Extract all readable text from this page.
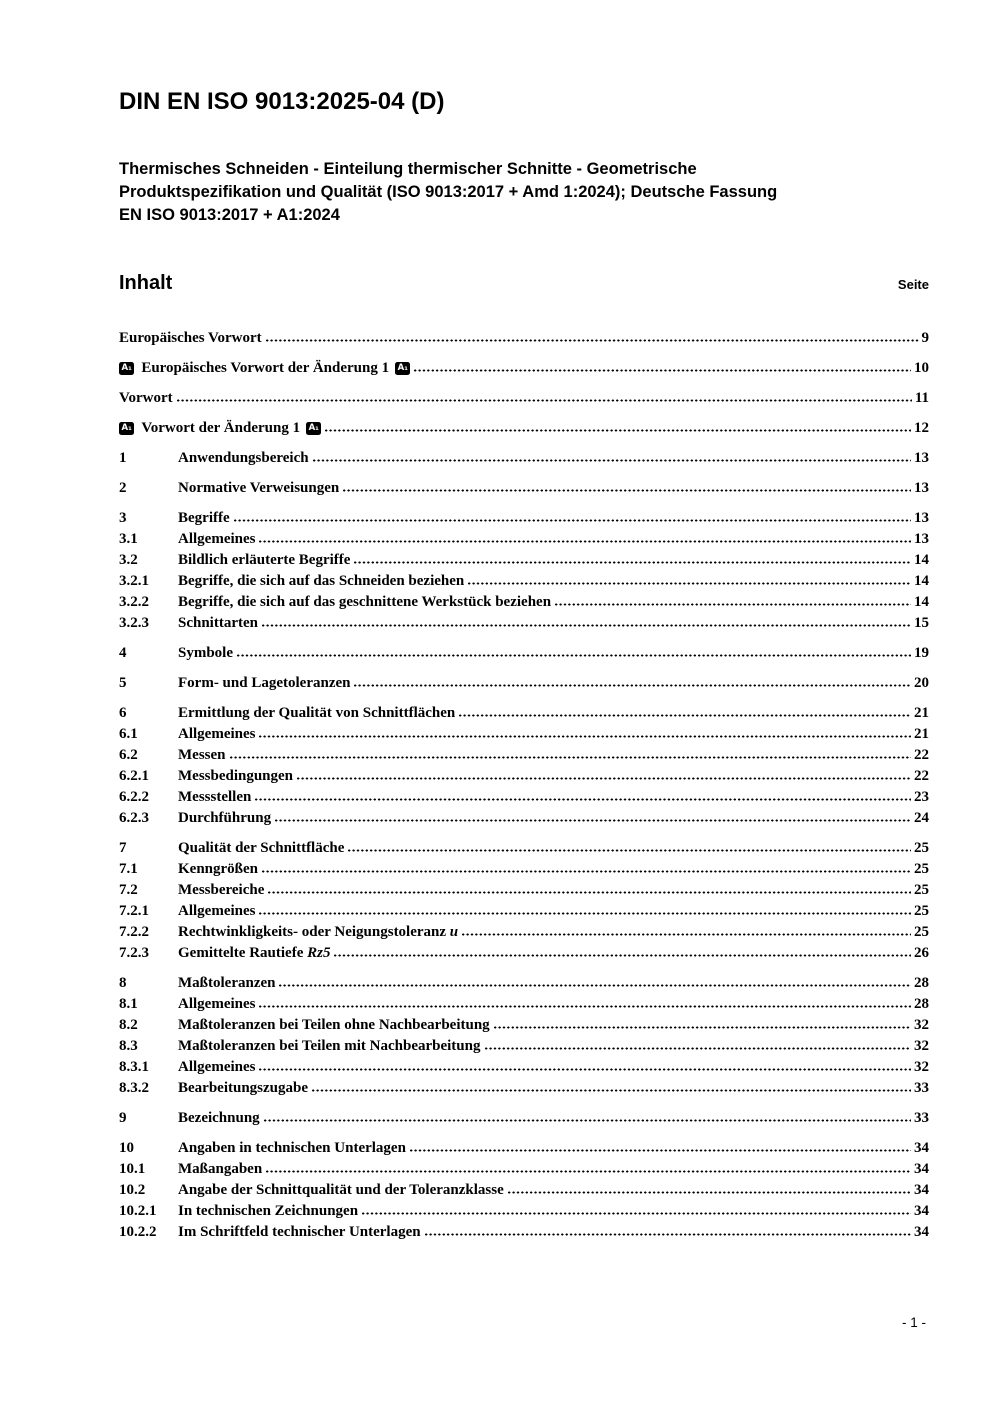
DIN EN ISO 9013:2025-04 (D)
Thermisches Schneiden - Einteilung thermischer Schnitte - Geometrische
Produktspezifikation und Qualität (ISO 9013:2017 + Amd 1:2024); Deutsche Fassung
EN ISO 9013:2017 + A1:2024
Inhalt	Seite
Europäisches Vorwort	9
A₁ Europäisches Vorwort der Änderung 1 A₁	10
Vorwort	11
A₁ Vorwort der Änderung 1 A₁	12
1	Anwendungsbereich	13
2	Normative Verweisungen	13
3	Begriffe	13
3.1	Allgemeines	13
3.2	Bildlich erläuterte Begriffe	14
3.2.1	Begriffe, die sich auf das Schneiden beziehen	14
3.2.2	Begriffe, die sich auf das geschnittene Werkstück beziehen	14
3.2.3	Schnittarten	15
4	Symbole	19
5	Form- und Lagetoleranzen	20
6	Ermittlung der Qualität von Schnittflächen	21
6.1	Allgemeines	21
6.2	Messen	22
6.2.1	Messbedingungen	22
6.2.2	Messstellen	23
6.2.3	Durchführung	24
7	Qualität der Schnittfläche	25
7.1	Kenngrößen	25
7.2	Messbereiche	25
7.2.1	Allgemeines	25
7.2.2	Rechtwinkligkeits- oder Neigungstoleranz u	25
7.2.3	Gemittelte Rautiefe Rz5	26
8	Maßtoleranzen	28
8.1	Allgemeines	28
8.2	Maßtoleranzen bei Teilen ohne Nachbearbeitung	32
8.3	Maßtoleranzen bei Teilen mit Nachbearbeitung	32
8.3.1	Allgemeines	32
8.3.2	Bearbeitungszugabe	33
9	Bezeichnung	33
10	Angaben in technischen Unterlagen	34
10.1	Maßangaben	34
10.2	Angabe der Schnittqualität und der Toleranzklasse	34
10.2.1	In technischen Zeichnungen	34
10.2.2	Im Schriftfeld technischer Unterlagen	34
- 1 -
